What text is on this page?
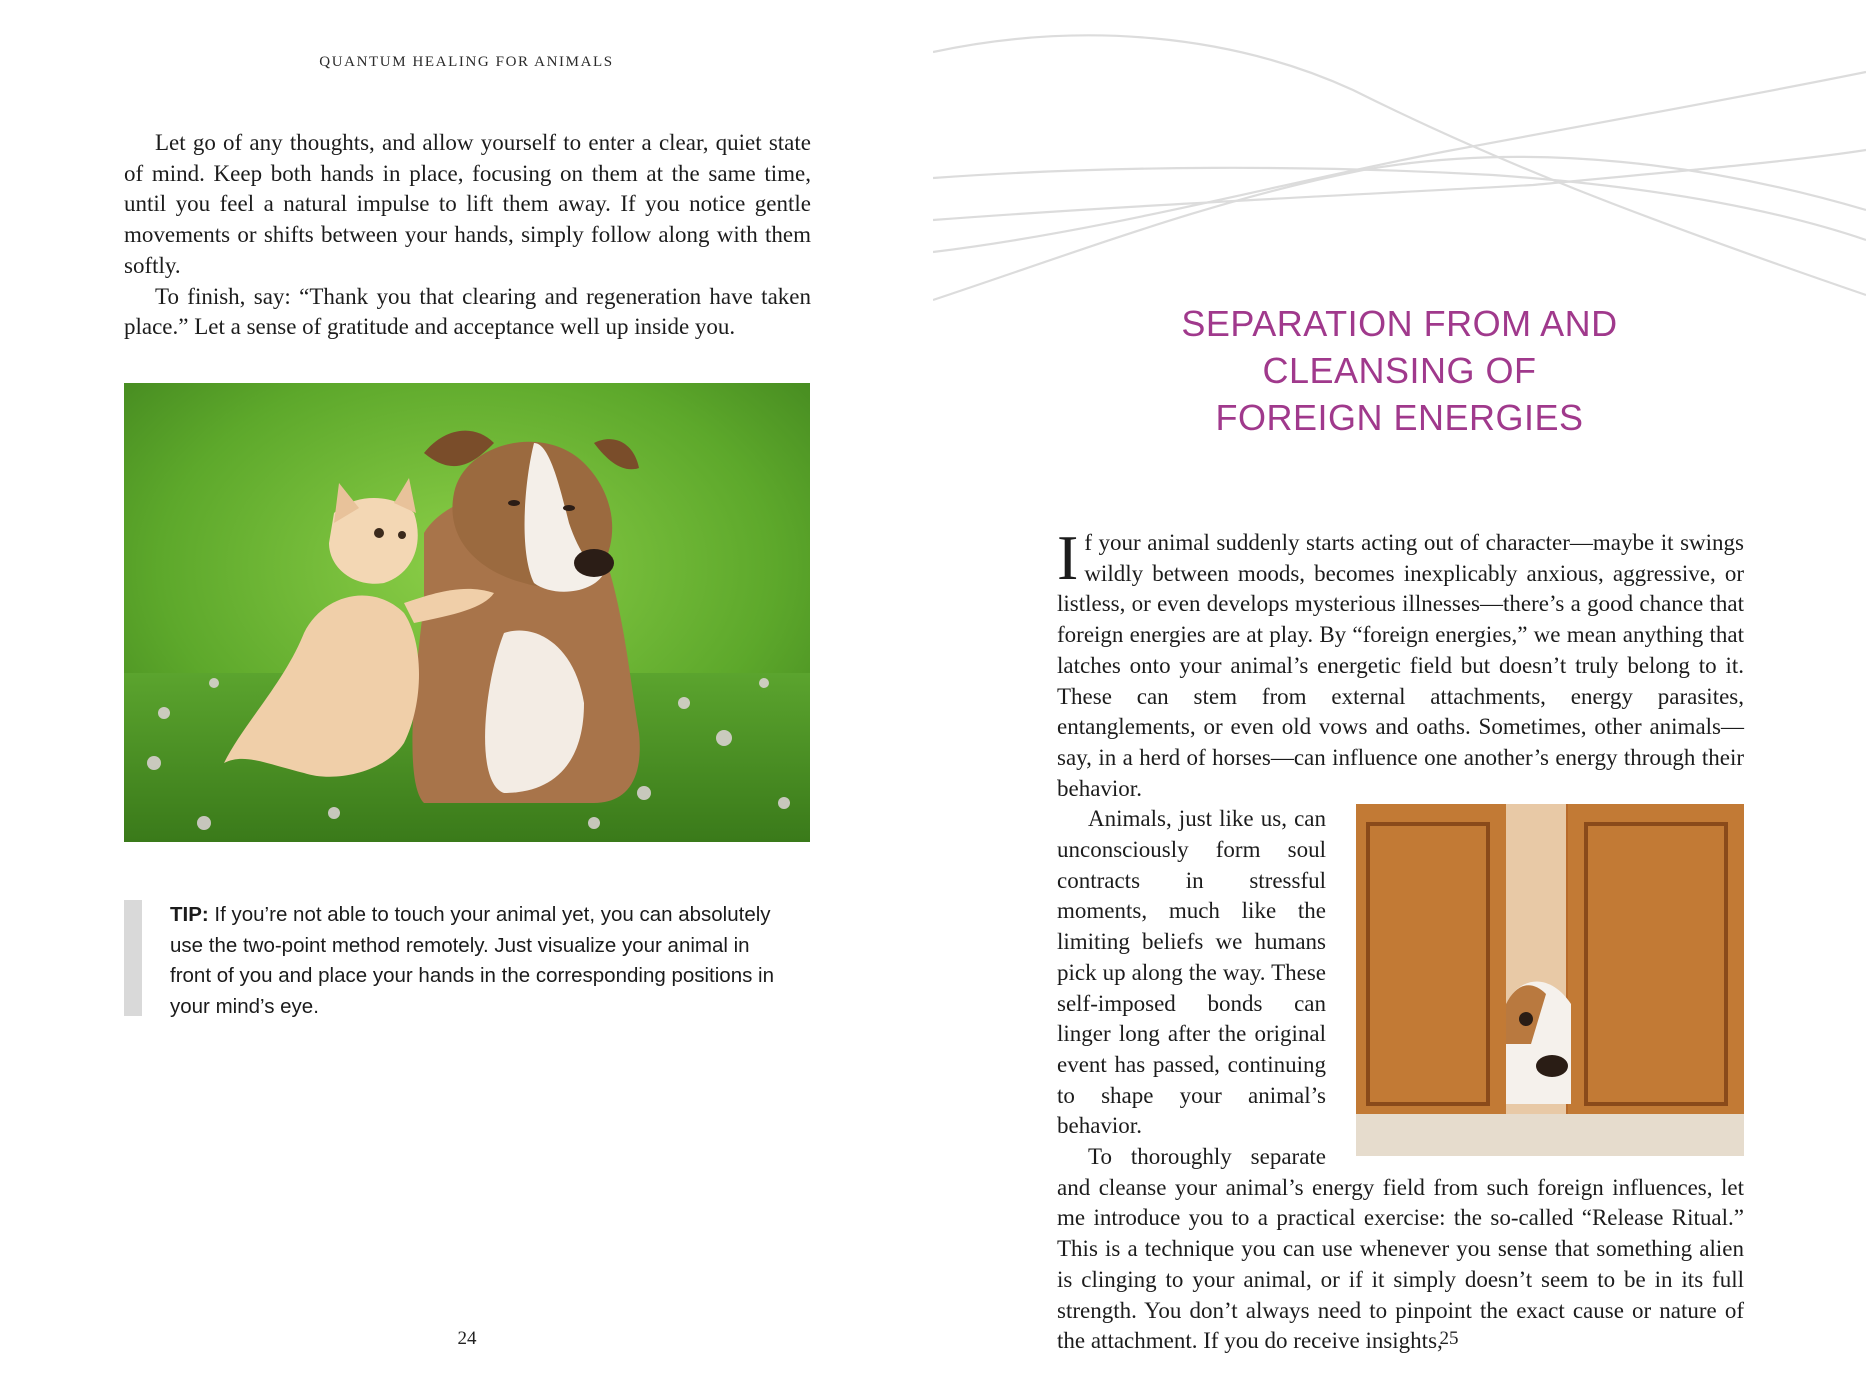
QUANTUM HEALING FOR ANIMALS

Let go of any thoughts, and allow yourself to enter a clear, quiet state of mind. Keep both hands in place, focusing on them at the same time, until you feel a natural impulse to lift them away. If you notice gentle movements or shifts between your hands, simply follow along with them softly.

To finish, say: “Thank you that clearing and regeneration have taken place.” Let a sense of gratitude and acceptance well up inside you.

TIP: If you’re not able to touch your animal yet, you can absolutely use the two-point method remotely. Just visualize your animal in front of you and place your hands in the corresponding positions in your mind’s eye.

24
SEPARATION FROM AND
CLEANSING OF
FOREIGN ENERGIES

If your animal suddenly starts acting out of character—maybe it swings wildly between moods, becomes inexplicably anxious, aggressive, or listless, or even develops mysterious illnesses—there’s a good chance that foreign energies are at play. By “foreign energies,” we mean anything that latches onto your animal’s energetic field but doesn’t truly belong to it. These can stem from external attachments, energy parasites, entanglements, or even old vows and oaths. Sometimes, other animals—say, in a herd of horses—can influence one another’s energy through their behavior.

Animals, just like us, can unconsciously form soul contracts in stressful moments, much like the limiting beliefs we humans pick up along the way. These self-imposed bonds can linger long after the original event has passed, continuing to shape your animal’s behavior.

To thoroughly separate and cleanse your animal’s energy field from such foreign influences, let me introduce you to a practical exercise: the so-called “Release Ritual.” This is a technique you can use whenever you sense that something alien is clinging to your animal, or if it simply doesn’t seem to be in its full strength. You don’t always need to pinpoint the exact cause or nature of the attachment. If you do receive insights,

25
